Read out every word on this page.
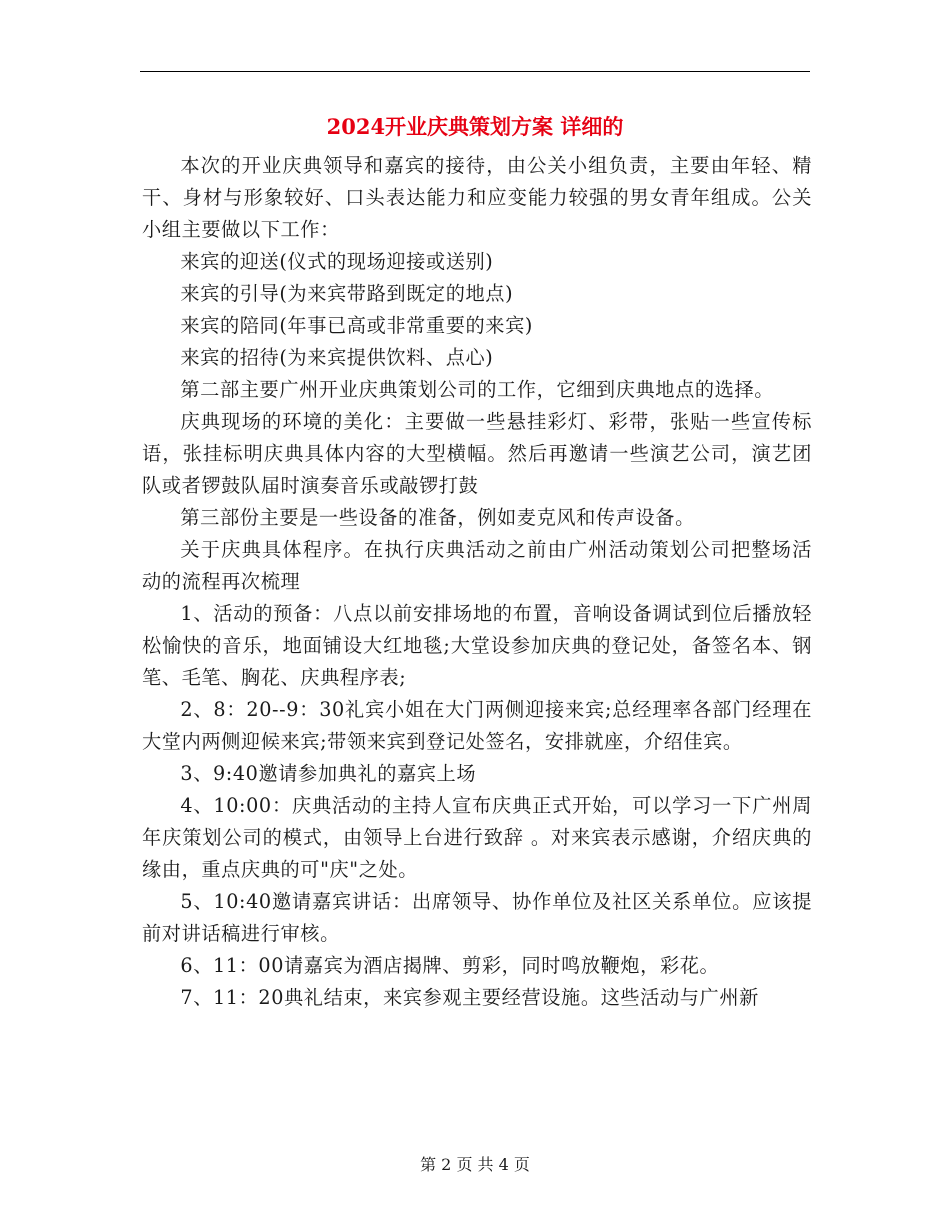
2024开业庆典策划方案 详细的

本次的开业庆典领导和嘉宾的接待，由公关小组负责，主要由年轻、精干、身材与形象较好、口头表达能力和应变能力较强的男女青年组成。公关小组主要做以下工作：

来宾的迎送(仪式的现场迎接或送别)

来宾的引导(为来宾带路到既定的地点)

来宾的陪同(年事已高或非常重要的来宾)

来宾的招待(为来宾提供饮料、点心)

第二部主要广州开业庆典策划公司的工作，它细到庆典地点的选择。

庆典现场的环境的美化：主要做一些悬挂彩灯、彩带，张贴一些宣传标语，张挂标明庆典具体内容的大型横幅。然后再邀请一些演艺公司，演艺团队或者锣鼓队届时演奏音乐或敲锣打鼓

第三部份主要是一些设备的准备，例如麦克风和传声设备。

关于庆典具体程序。在执行庆典活动之前由广州活动策划公司把整场活动的流程再次梳理

1、活动的预备：八点以前安排场地的布置，音响设备调试到位后播放轻松愉快的音乐，地面铺设大红地毯;大堂设参加庆典的登记处，备签名本、钢笔、毛笔、胸花、庆典程序表;

2、8：20--9：30礼宾小姐在大门两侧迎接来宾;总经理率各部门经理在大堂内两侧迎候来宾;带领来宾到登记处签名，安排就座，介绍佳宾。

3、9:40邀请参加典礼的嘉宾上场

4、10:00：庆典活动的主持人宣布庆典正式开始，可以学习一下广州周年庆策划公司的模式，由领导上台进行致辞 。对来宾表示感谢，介绍庆典的缘由，重点庆典的可"庆"之处。

5、10:40邀请嘉宾讲话：出席领导、协作单位及社区关系单位。应该提前对讲话稿进行审核。

6、11：00请嘉宾为酒店揭牌、剪彩，同时鸣放鞭炮，彩花。

7、11：20典礼结束，来宾参观主要经营设施。这些活动与广州新

第 2 页 共 4 页
